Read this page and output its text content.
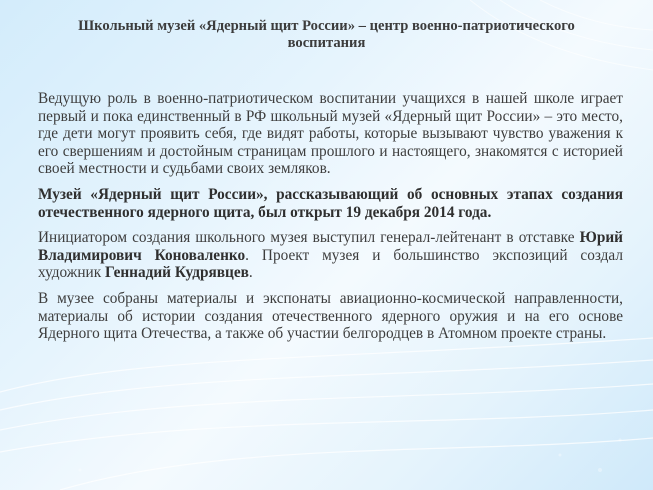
Школьный музей «Ядерный щит России» – центр военно-патриотического воспитания

Ведущую роль в военно-патриотическом воспитании учащихся в нашей школе играет первый и пока единственный в РФ школьный музей «Ядерный щит России» – это место, где дети могут проявить себя, где видят работы, которые вызывают чувство уважения к его свершениям и достойным страницам прошлого и настоящего, знакомятся с историей своей местности и судьбами своих земляков.

Музей «Ядерный щит России», рассказывающий об основных этапах создания отечественного ядерного щита, был открыт 19 декабря 2014 года.

Инициатором создания школьного музея выступил генерал-лейтенант в отставке Юрий Владимирович Коноваленко. Проект музея и большинство экспозиций создал художник Геннадий Кудрявцев.

В музее собраны материалы и экспонаты авиационно-космической направленности, материалы об истории создания отечественного ядерного оружия и на его основе Ядерного щита Отечества, а также об участии белгородцев в Атомном проекте страны.
